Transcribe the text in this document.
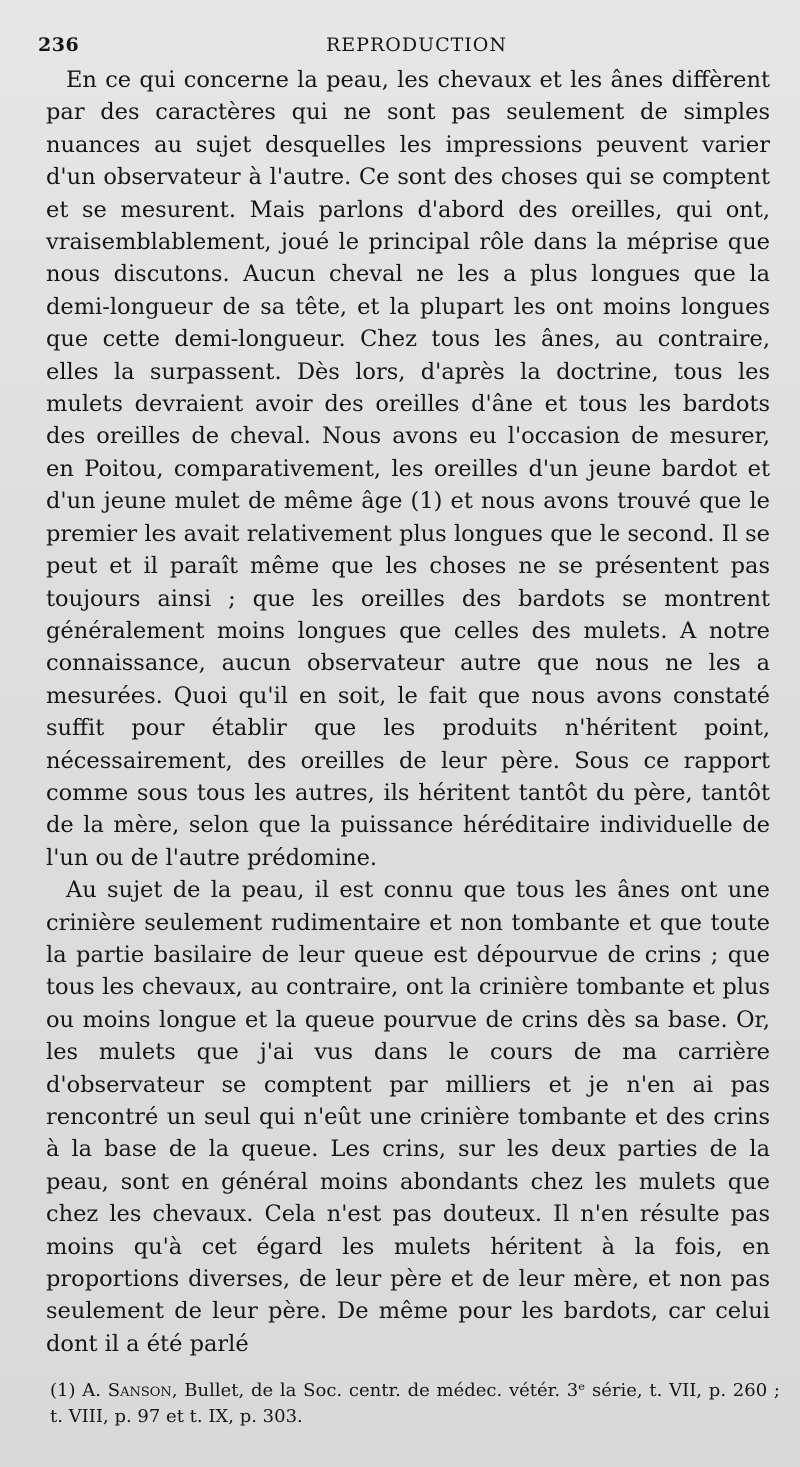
236	REPRODUCTION

En ce qui concerne la peau, les chevaux et les ânes diffèrent par des caractères qui ne sont pas seulement de simples nuances au sujet desquelles les impressions peuvent varier d'un observateur à l'autre. Ce sont des choses qui se comptent et se mesurent. Mais parlons d'abord des oreilles, qui ont, vraisemblablement, joué le principal rôle dans la méprise que nous discutons. Aucun cheval ne les a plus longues que la demi-longueur de sa tête, et la plupart les ont moins longues que cette demi-longueur. Chez tous les ânes, au contraire, elles la surpassent. Dès lors, d'après la doctrine, tous les mulets devraient avoir des oreilles d'âne et tous les bardots des oreilles de cheval. Nous avons eu l'occasion de mesurer, en Poitou, comparativement, les oreilles d'un jeune bardot et d'un jeune mulet de même âge (1) et nous avons trouvé que le premier les avait relativement plus longues que le second. Il se peut et il paraît même que les choses ne se présentent pas toujours ainsi ; que les oreilles des bardots se montrent généralement moins longues que celles des mulets. A notre connaissance, aucun observateur autre que nous ne les a mesurées. Quoi qu'il en soit, le fait que nous avons constaté suffit pour établir que les produits n'héritent point, nécessairement, des oreilles de leur père. Sous ce rapport comme sous tous les autres, ils héritent tantôt du père, tantôt de la mère, selon que la puissance héréditaire individuelle de l'un ou de l'autre prédomine.

Au sujet de la peau, il est connu que tous les ânes ont une crinière seulement rudimentaire et non tombante et que toute la partie basilaire de leur queue est dépourvue de crins ; que tous les chevaux, au contraire, ont la crinière tombante et plus ou moins longue et la queue pourvue de crins dès sa base. Or, les mulets que j'ai vus dans le cours de ma carrière d'observateur se comptent par milliers et je n'en ai pas rencontré un seul qui n'eût une crinière tombante et des crins à la base de la queue. Les crins, sur les deux parties de la peau, sont en général moins abondants chez les mulets que chez les chevaux. Cela n'est pas douteux. Il n'en résulte pas moins qu'à cet égard les mulets héritent à la fois, en proportions diverses, de leur père et de leur mère, et non pas seulement de leur père. De même pour les bardots, car celui dont il a été parlé

(1) A. Sanson, Bullet, de la Soc. centr. de médec. vétér. 3ᵉ série, t. VII, p. 260 ; t. VIII, p. 97 et t. IX, p. 303.
